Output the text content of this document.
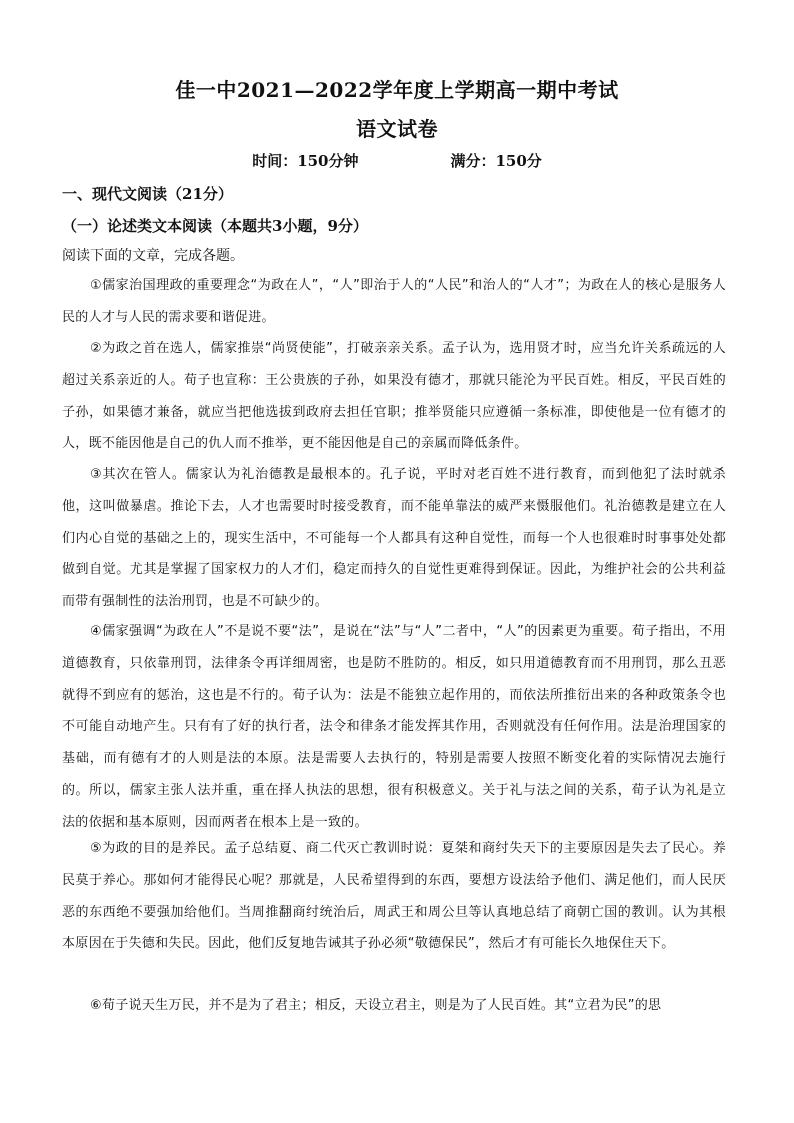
佳一中2021—2022学年度上学期高一期中考试
语文试卷
时间：150分钟	满分：150分
一、现代文阅读（21分）
（一）论述类文本阅读（本题共3小题，9分）
阅读下面的文章，完成各题。
①儒家治国理政的重要理念“为政在人”，“人”即治于人的“人民”和治人的“人才”；为政在人的核心是服务人民的人才与人民的需求要和谐促进。
②为政之首在选人，儒家推崇“尚贤使能”，打破亲亲关系。孟子认为，选用贤才时，应当允许关系疏远的人超过关系亲近的人。荀子也宣称：王公贵族的子孙，如果没有德才，那就只能沦为平民百姓。相反，平民百姓的子孙，如果德才兼备，就应当把他选拔到政府去担任官职；推举贤能只应遵循一条标准，即使他是一位有德才的人，既不能因他是自己的仇人而不推举，更不能因他是自己的亲属而降低条件。
③其次在管人。儒家认为礼治德教是最根本的。孔子说，平时对老百姓不进行教育，而到他犯了法时就杀他，这叫做暴虐。推论下去，人才也需要时时接受教育，而不能单靠法的威严来慑服他们。礼治德教是建立在人们内心自觉的基础之上的，现实生活中，不可能每一个人都具有这种自觉性，而每一个人也很难时时事事处处都做到自觉。尤其是掌握了国家权力的人才们，稳定而持久的自觉性更难得到保证。因此，为维护社会的公共利益而带有强制性的法治刑罚，也是不可缺少的。
④儒家强调“为政在人”不是说不要“法”，是说在“法”与“人”二者中，“人”的因素更为重要。荀子指出，不用道德教育，只依靠刑罚，法律条令再详细周密，也是防不胜防的。相反，如只用道德教育而不用刑罚，那么丑恶就得不到应有的惩治，这也是不行的。荀子认为：法是不能独立起作用的，而依法所推衍出来的各种政策条令也不可能自动地产生。只有有了好的执行者，法令和律条才能发挥其作用，否则就没有任何作用。法是治理国家的基础，而有德有才的人则是法的本原。法是需要人去执行的，特别是需要人按照不断变化着的实际情况去施行的。所以，儒家主张人法并重，重在择人执法的思想，很有积极意义。关于礼与法之间的关系，荀子认为礼是立法的依据和基本原则，因而两者在根本上是一致的。
⑤为政的目的是养民。孟子总结夏、商二代灭亡教训时说：夏桀和商纣失天下的主要原因是失去了民心。养民莫于养心。那如何才能得民心呢？那就是，人民希望得到的东西，要想方设法给予他们、满足他们，而人民厌恶的东西绝不要强加给他们。当周推翻商纣统治后，周武王和周公旦等认真地总结了商朝亡国的教训。认为其根本原因在于失德和失民。因此，他们反复地告诫其子孙必须“敬德保民”，然后才有可能长久地保住天下。
⑥荀子说天生万民，并不是为了君主；相反，天设立君主，则是为了人民百姓。其“立君为民”的思
